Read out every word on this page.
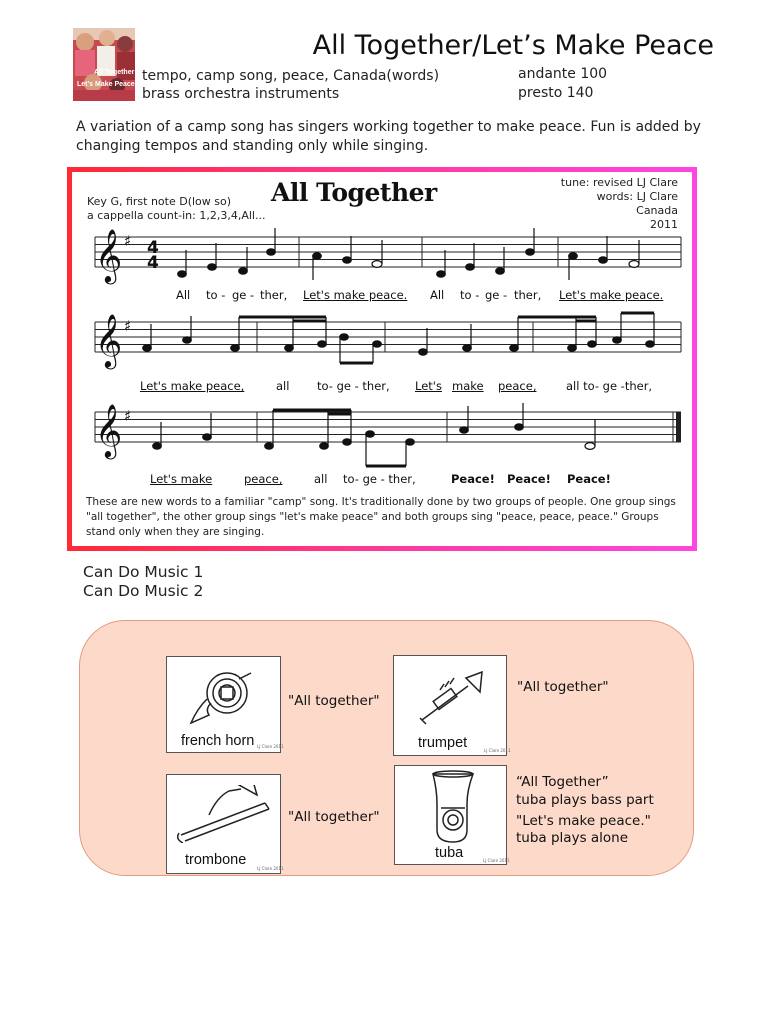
All Together
Let's Make Peace
All Together/Let’s Make Peace
tempo, camp song, peace, Canada(words)
brass orchestra instruments
andante 100
presto 140
A variation of a camp song has singers working together to make peace. Fun is added by changing tempos and standing only while singing.
𝄞
𝄞
𝄞
♯
♯
♯
4
4
Key G, first note D(low so)
a cappella count-in: 1,2,3,4,All...
All Together	tune: revised LJ Clare
words: LJ Clare
Canada
2011
All to - ge - ther, Let's make peace. All to - ge - ther, Let's make peace.
Let's make peace,	all to- ge - ther, Let's make peace,	all to- ge -ther,
Let's make	peace,	all to- ge - ther,	Peace! Peace! Peace!
These are new words to a familiar "camp" song. It's traditionally done by two groups of people. One group sings "all together", the other group sings "let's make peace" and both groups sing "peace, peace, peace." Groups stand only when they are singing.
Can Do Music 1
Can Do Music 2
french horn LJ Clare 2011
"All together"
trumpet	LJ Clare 2011
"All together"
trombone
LJ Clare 2011
"All together"
tuba	LJ Clare 2011
“All Together”
tuba plays bass part
"Let's make peace."
tuba plays alone
